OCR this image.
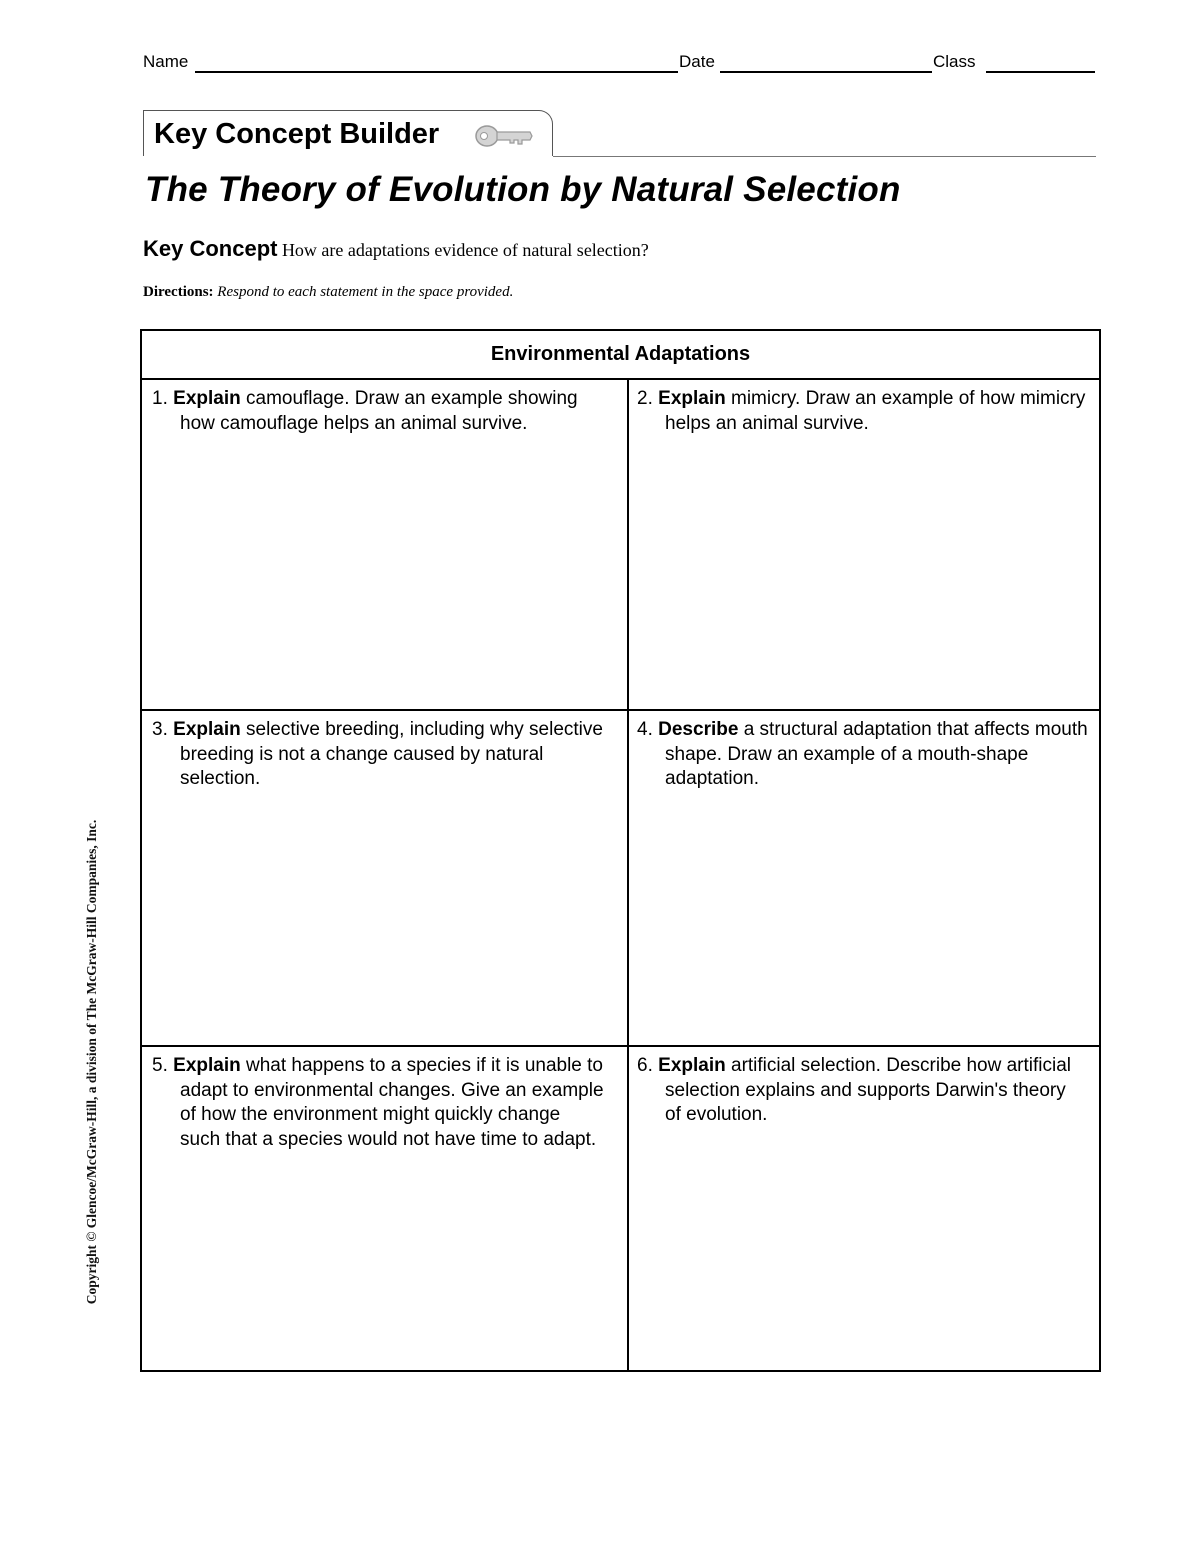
Name	Date	Class
Key Concept Builder
The Theory of Evolution by Natural Selection
Key Concept How are adaptations evidence of natural selection?
Directions: Respond to each statement in the space provided.
Environmental Adaptations
1. Explain camouflage. Draw an example showing how camouflage helps an animal survive.
2. Explain mimicry. Draw an example of how mimicry helps an animal survive.
3. Explain selective breeding, including why selective breeding is not a change caused by natural selection.
4. Describe a structural adaptation that affects mouth shape. Draw an example of a mouth-shape adaptation.
5. Explain what happens to a species if it is unable to adapt to environmental changes. Give an example of how the environment might quickly change such that a species would not have time to adapt.
6. Explain artificial selection. Describe how artificial selection explains and supports Darwin's theory of evolution.
Copyright © Glencoe/McGraw-Hill, a division of The McGraw-Hill Companies, Inc.
